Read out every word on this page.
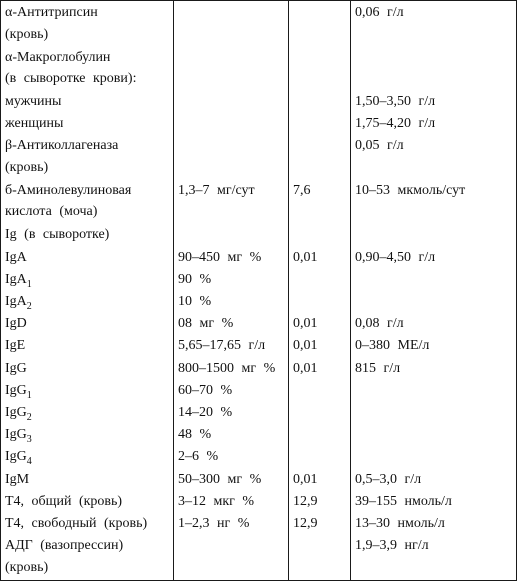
α-Антитрипсин
(кровь)			0,06 г/л

α-Макроглобулин
(в сыворотке крови):			

мужчины			1,50–3,50 г/л

женщины			1,75–4,20 г/л

β-Антиколлагеназа
(кровь)			0,05 г/л

б-Аминолевулиновая
кислота (моча)	1,3–7 мг/сут	7,6	10–53 мкмоль/сут

Ig (в сыворотке)			

IgA	90–450 мг %	0,01	0,90–4,50 г/л

IgA$_1$	90 %		

IgA$_2$	10 %		

IgD	08 мг %	0,01	0,08 г/л

IgE	5,65–17,65 г/л	0,01	0–380 МЕ/л

IgG	800–1500 мг %	0,01	815 г/л

IgG$_1$	60–70 %		

IgG$_2$	14–20 %		

IgG$_3$	48 %		

IgG$_4$	2–6 %		

IgM	50–300 мг %	0,01	0,5–3,0 г/л

Т4, общий (кровь)	3–12 мкг %	12,9	39–155 нмоль/л

Т4, свободный (кровь)	1–2,3 нг %	12,9	13–30 нмоль/л

АДГ (вазопрессин)
(кровь)			1,9–3,9 нг/л
